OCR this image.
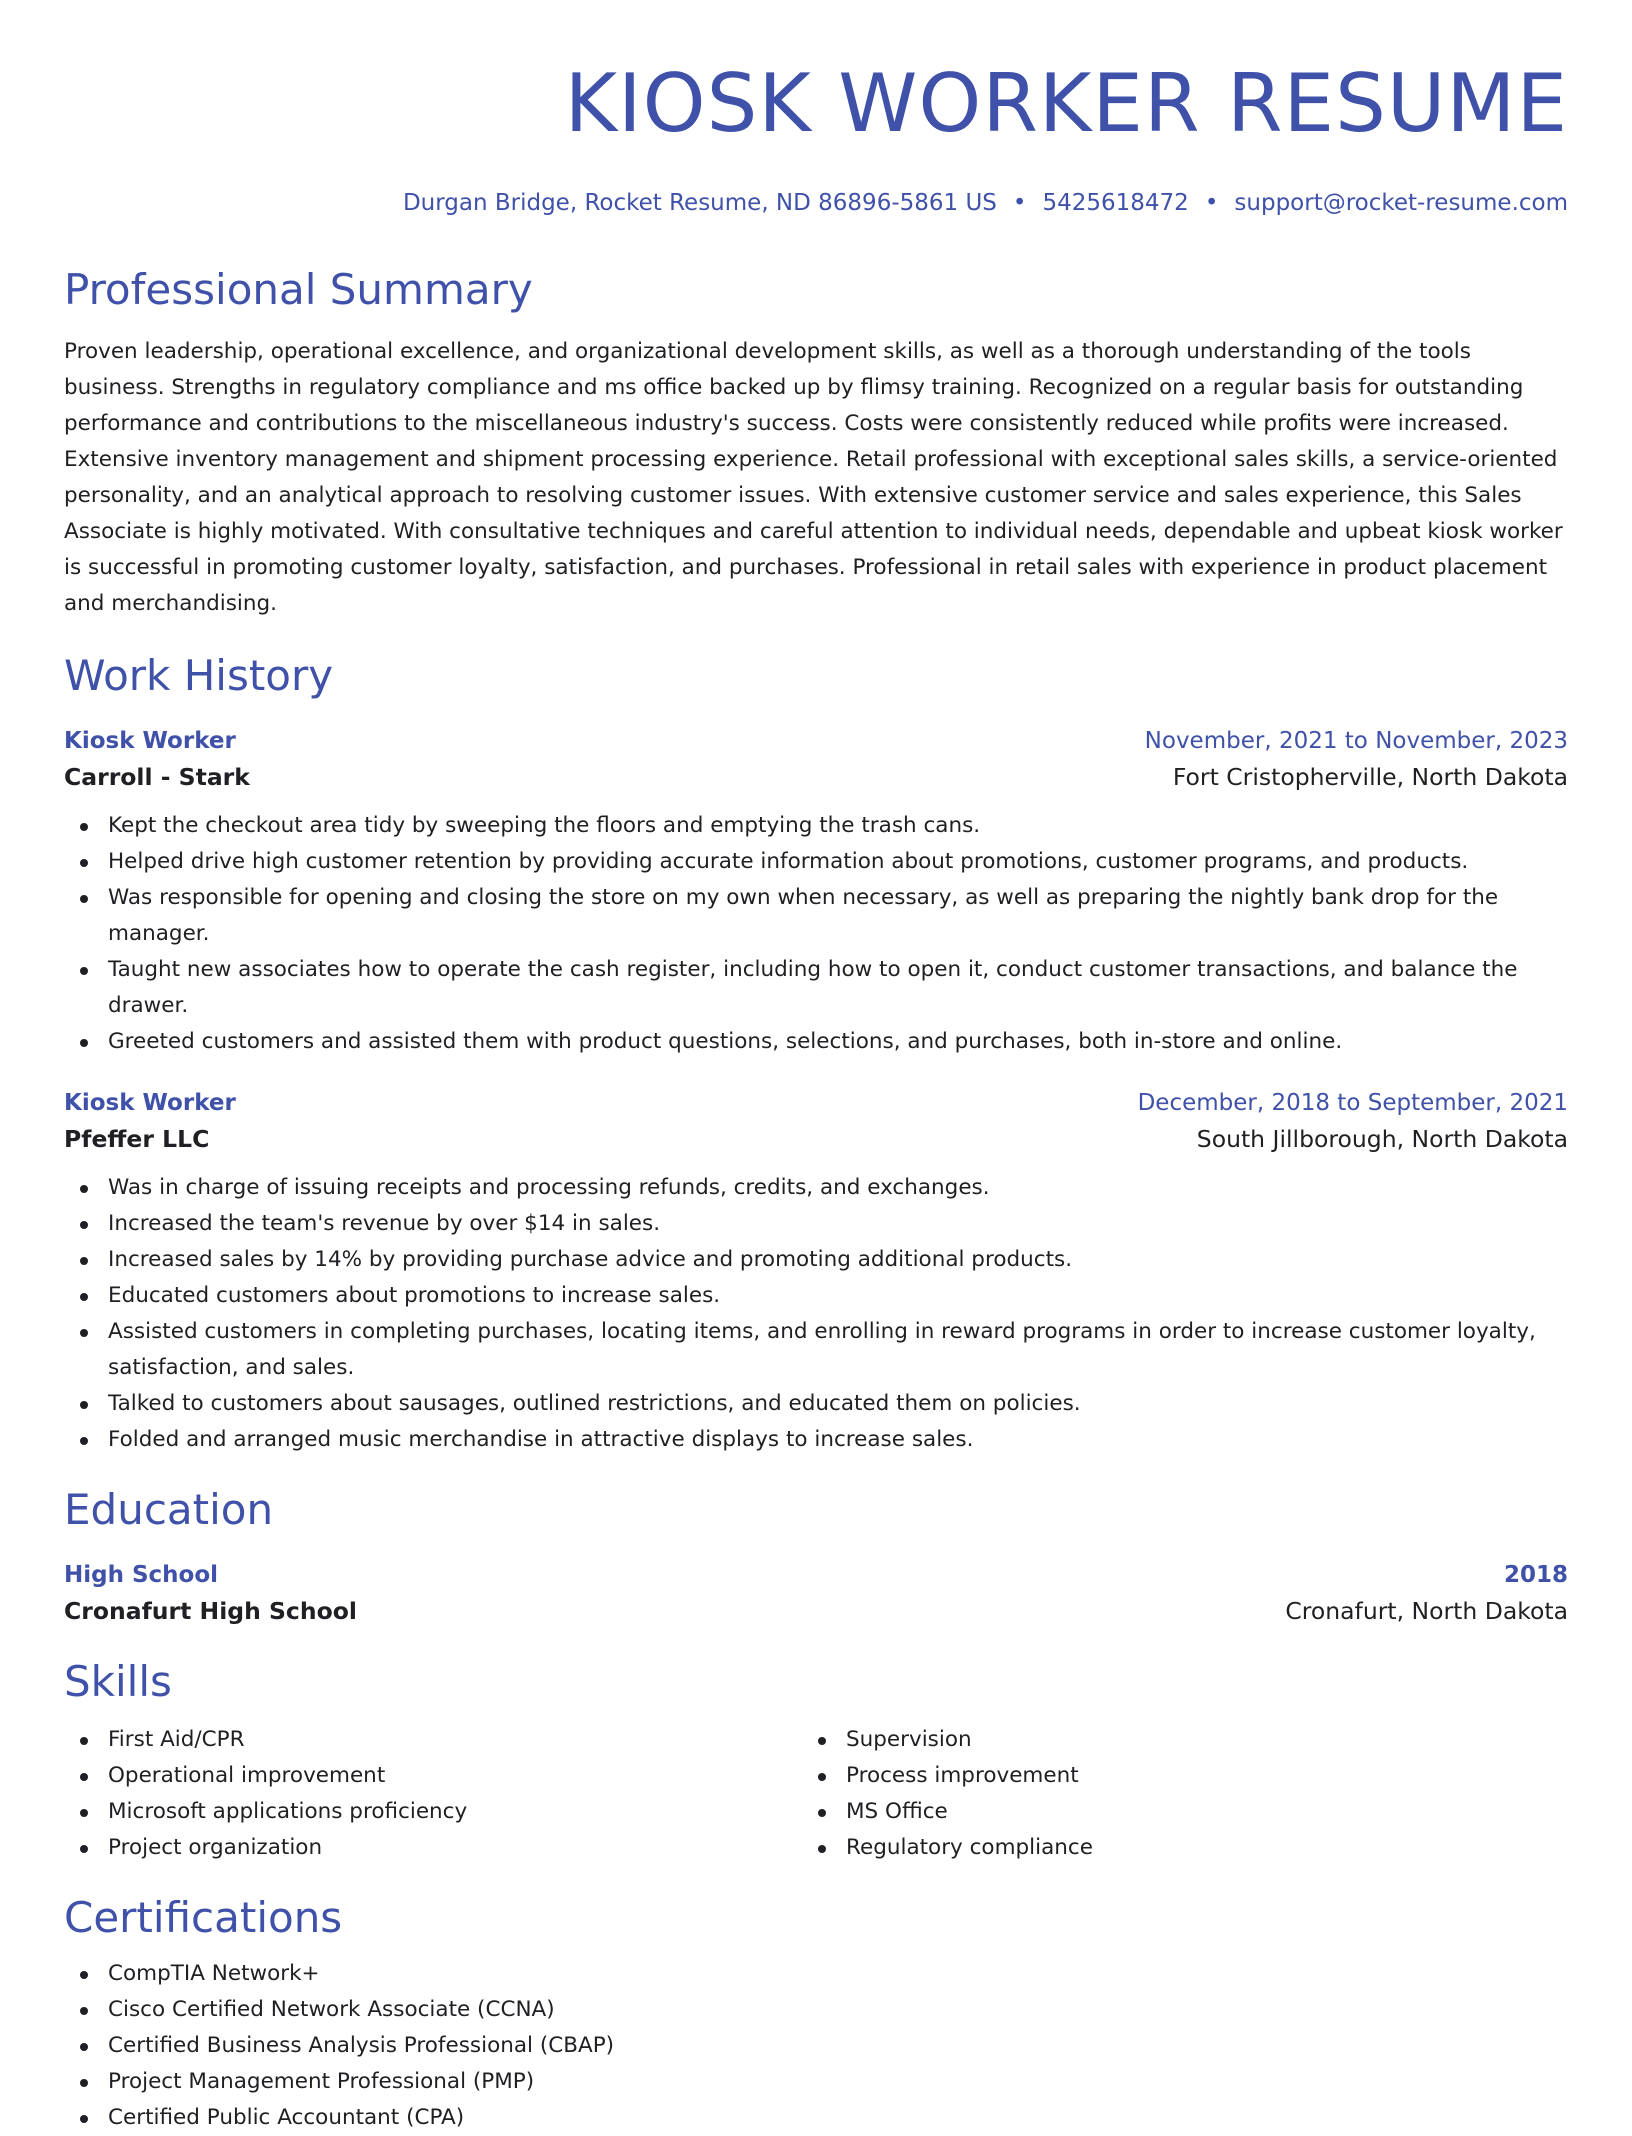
KIOSK WORKER RESUME
Durgan Bridge, Rocket Resume, ND 86896-5861 US • 5425618472 • support@rocket-resume.com
Professional Summary

Proven leadership, operational excellence, and organizational development skills, as well as a thorough understanding of the tools business. Strengths in regulatory compliance and ms office backed up by flimsy training. Recognized on a regular basis for outstanding performance and contributions to the miscellaneous industry's success. Costs were consistently reduced while profits were increased. Extensive inventory management and shipment processing experience. Retail professional with exceptional sales skills, a service-oriented personality, and an analytical approach to resolving customer issues. With extensive customer service and sales experience, this Sales Associate is highly motivated. With consultative techniques and careful attention to individual needs, dependable and upbeat kiosk worker is successful in promoting customer loyalty, satisfaction, and purchases. Professional in retail sales with experience in product placement and merchandising.

Work History
Kiosk Worker	November, 2021 to November, 2023
Carroll - Stark	Fort Cristopherville, North Dakota
Kept the checkout area tidy by sweeping the floors and emptying the trash cans.
Helped drive high customer retention by providing accurate information about promotions, customer programs, and products.
Was responsible for opening and closing the store on my own when necessary, as well as preparing the nightly bank drop for the manager.
Taught new associates how to operate the cash register, including how to open it, conduct customer transactions, and balance the drawer.
Greeted customers and assisted them with product questions, selections, and purchases, both in-store and online.
Kiosk Worker	December, 2018 to September, 2021
Pfeffer LLC	South Jillborough, North Dakota
Was in charge of issuing receipts and processing refunds, credits, and exchanges.
Increased the team's revenue by over $14 in sales.
Increased sales by 14% by providing purchase advice and promoting additional products.
Educated customers about promotions to increase sales.
Assisted customers in completing purchases, locating items, and enrolling in reward programs in order to increase customer loyalty, satisfaction, and sales.
Talked to customers about sausages, outlined restrictions, and educated them on policies.
Folded and arranged music merchandise in attractive displays to increase sales.
Education
High School	2018
Cronafurt High School	Cronafurt, North Dakota
Skills
First Aid/CPR
Operational improvement
Microsoft applications proficiency
Project organization
Supervision
Process improvement
MS Office
Regulatory compliance
Certifications
CompTIA Network+
Cisco Certified Network Associate (CCNA)
Certified Business Analysis Professional (CBAP)
Project Management Professional (PMP)
Certified Public Accountant (CPA)
